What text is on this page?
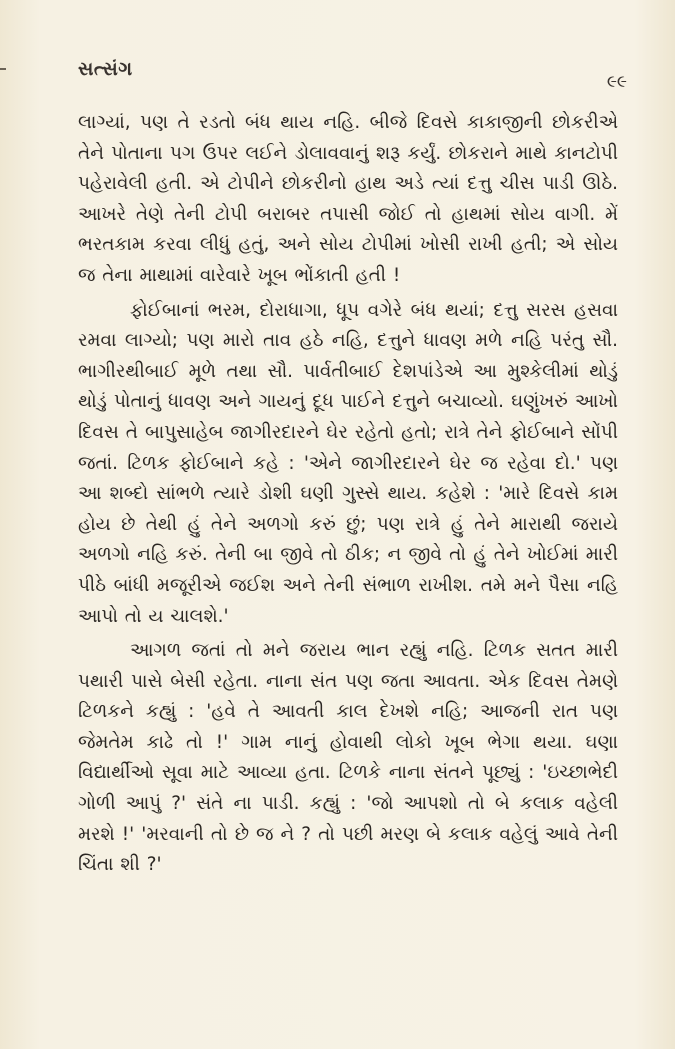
સત્સંગ
૯૯

લાગ્યાં, પણ તે રડતો બંધ થાય નહિ. બીજે દિવસે કાકાજીની છોકરીએ તેને પોતાના પગ ઉપર લઈને ડોલાવવાનું શરૂ કર્યું. છોકરાને માથે કાનટોપી પહેરાવેલી હતી. એ ટોપીને છોકરીનો હાથ અડે ત્યાં દત્તુ ચીસ પાડી ઊઠે. આખરે તેણે તેની ટોપી બરાબર તપાસી જોઈ તો હાથમાં સોય વાગી. મેં ભરતકામ કરવા લીધું હતું, અને સોય ટોપીમાં ખોસી રાખી હતી; એ સોય જ તેના માથામાં વારેવારે ખૂબ ભોંકાતી હતી !

ફોઈબાનાં ભરમ, દોરાધાગા, ધૂપ વગેરે બંધ થયાં; દત્તુ સરસ હસવા રમવા લાગ્યો; પણ મારો તાવ હઠે નહિ, દત્તુને ધાવણ મળે નહિ પરંતુ સૌ. ભાગીરથીબાઈ મૂળે તથા સૌ. પાર્વતીબાઈ દેશપાંડેએ આ મુશ્કેલીમાં થોડું થોડું પોતાનું ધાવણ અને ગાયનું દૂધ પાઈને દત્તુને બચાવ્યો. ઘણુંખરું આખો દિવસ તે બાપુસાહેબ જાગીરદારને ઘેર રહેતો હતો; રાત્રે તેને ફોઈબાને સોંપી જતાં. ટિળક ફોઈબાને કહે : 'એને જાગીરદારને ઘેર જ રહેવા દો.' પણ આ શબ્દો સાંભળે ત્યારે ડોશી ઘણી ગુસ્સે થાય. કહેશે : 'મારે દિવસે કામ હોય છે તેથી હું તેને અળગો કરું છું; પણ રાત્રે હું તેને મારાથી જરાયે અળગો નહિ કરું. તેની બા જીવે તો ઠીક; ન જીવે તો હું તેને ખોઈમાં મારી પીઠે બાંધી મજૂરીએ જઈશ અને તેની સંભાળ રાખીશ. તમે મને પૈસા નહિ આપો તો ય ચાલશે.'

આગળ જતાં તો મને જરાય ભાન રહ્યું નહિ. ટિળક સતત મારી પથારી પાસે બેસી રહેતા. નાના સંત પણ જતા આવતા. એક દિવસ તેમણે ટિળકને કહ્યું : 'હવે તે આવતી કાલ દેખશે નહિ; આજની રાત પણ જેમતેમ કાઢે તો !' ગામ નાનું હોવાથી લોકો ખૂબ ભેગા થયા. ઘણા વિદ્યાર્થીઓ સૂવા માટે આવ્યા હતા. ટિળકે નાના સંતને પૂછ્યું : 'ઇચ્છાભેદી ગોળી આપું ?' સંતે ના પાડી. કહ્યું : 'જો આપશો તો બે કલાક વહેલી મરશે !' 'મરવાની તો છે જ ને ? તો પછી મરણ બે કલાક વહેલું આવે તેની ચિંતા શી ?'
